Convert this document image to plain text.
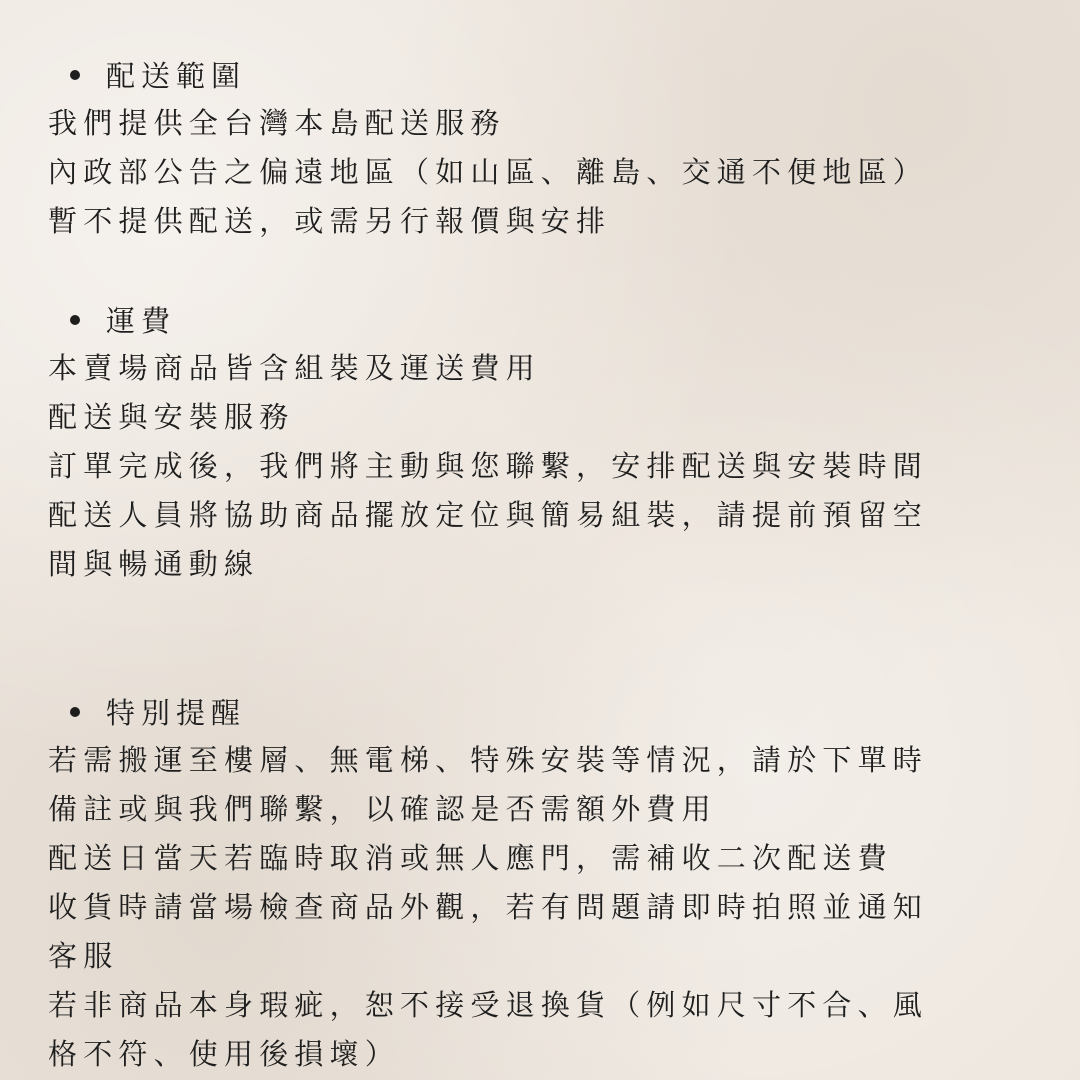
配送範圍
我們提供全台灣本島配送服務
內政部公告之偏遠地區（如山區、離島、交通不便地區）
暫不提供配送，或需另行報價與安排
運費
本賣場商品皆含組裝及運送費用
配送與安裝服務
訂單完成後，我們將主動與您聯繫，安排配送與安裝時間
配送人員將協助商品擺放定位與簡易組裝，請提前預留空
間與暢通動線
特別提醒
若需搬運至樓層、無電梯、特殊安裝等情況，請於下單時
備註或與我們聯繫，以確認是否需額外費用
配送日當天若臨時取消或無人應門，需補收二次配送費
收貨時請當場檢查商品外觀，若有問題請即時拍照並通知
客服
若非商品本身瑕疵，恕不接受退換貨（例如尺寸不合、風
格不符、使用後損壞）
